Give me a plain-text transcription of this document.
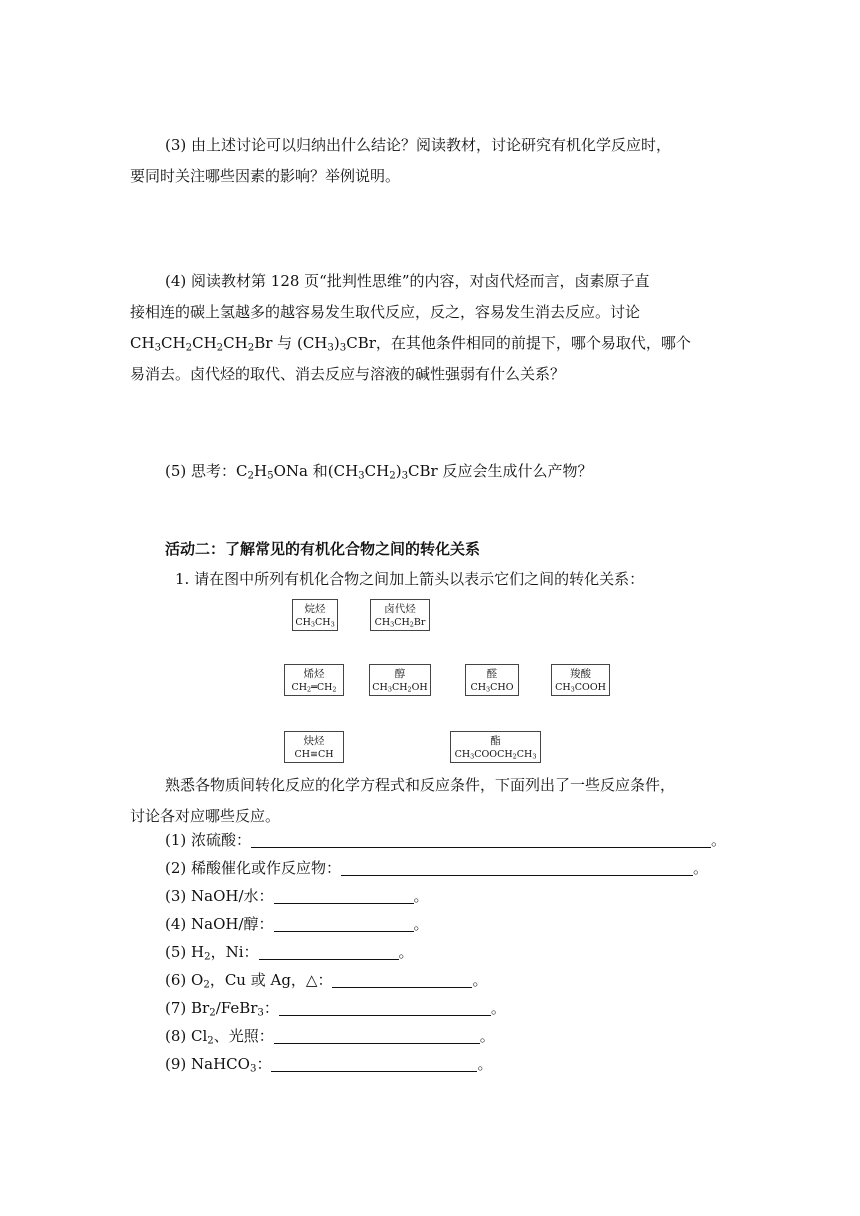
(3) 由上述讨论可以归纳出什么结论？阅读教材，讨论研究有机化学反应时，
要同时关注哪些因素的影响？举例说明。

(4) 阅读教材第 128 页“批判性思维”的内容，对卤代烃而言，卤素原子直
接相连的碳上氢越多的越容易发生取代反应，反之，容易发生消去反应。讨论
$CH_3CH_2CH_2CH_2Br$ 与 $(CH_3)_3CBr$，在其他条件相同的前提下，哪个易取代，哪个
易消去。卤代烃的取代、消去反应与溶液的碱性强弱有什么关系？

(5) 思考：$C_2H_5ONa$ 和$(CH_3CH_2)_3CBr$ 反应会生成什么产物？

活动二：了解常见的有机化合物之间的转化关系
1. 请在图中所列有机化合物之间加上箭头以表示它们之间的转化关系：
烷烃
$CH_3CH_3$
卤代烃
$CH_3CH_2Br$
烯烃
$CH_2═CH_2$
醇
$CH_3CH_2OH$
醛
$CH_3CHO$
羧酸
$CH_3COOH$
炔烃
CH≡CH
酯
$CH_3COOCH_2CH_3$

熟悉各物质间转化反应的化学方程式和反应条件，下面列出了一些反应条件，
讨论各对应哪些反应。

(1) 浓硫酸：	。
(2) 稀酸催化或作反应物：	。
(3) NaOH/水：	。
(4) NaOH/醇：	。
(5) $H_2$，Ni：	。
(6) $O_2$，Cu 或 Ag，△：	。
(7) $Br_2/FeBr_3$：	。
(8) $Cl_2$、光照：	。
(9) NaHCO$_3$：	。
